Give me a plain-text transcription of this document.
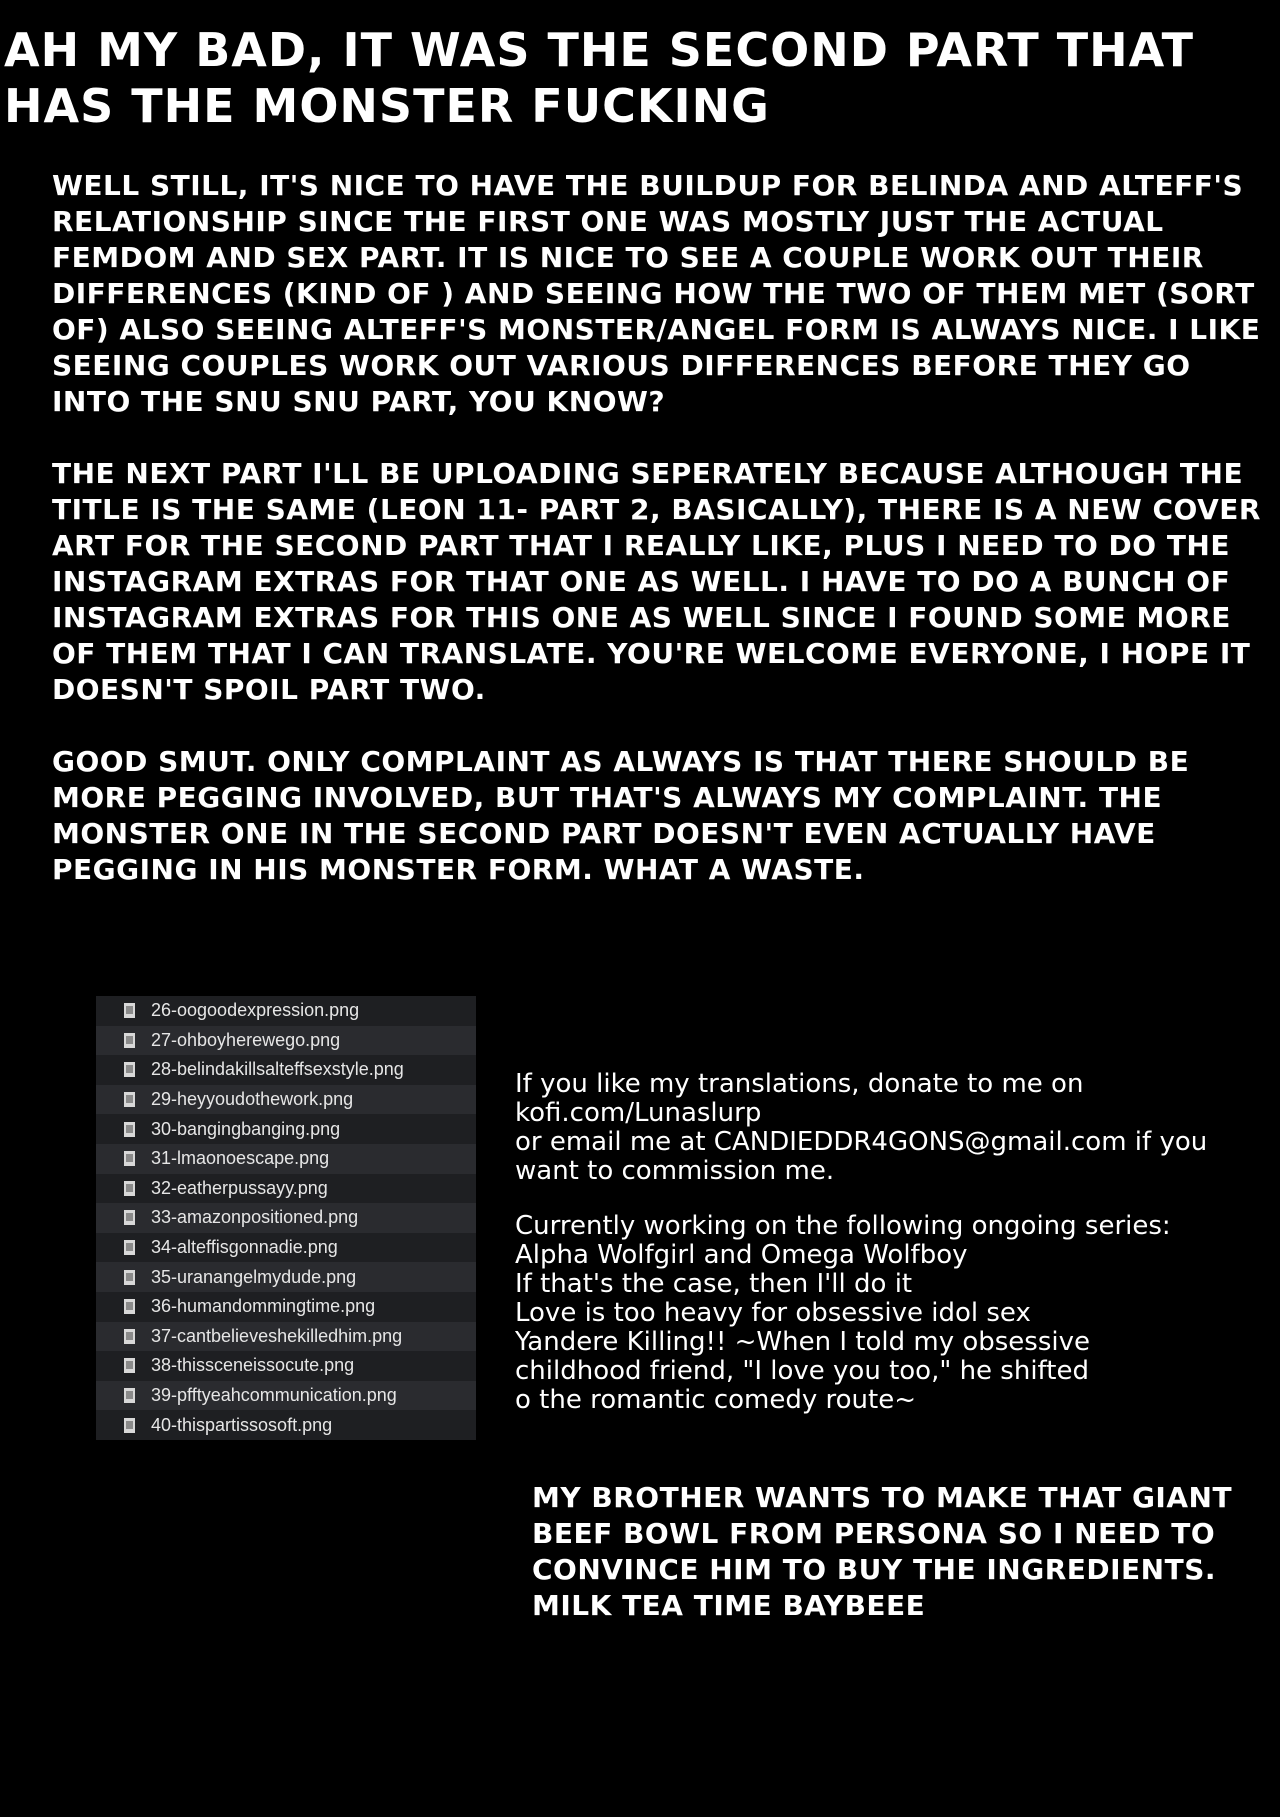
AH MY BAD, IT WAS THE SECOND PART THAT HAS THE MONSTER FUCKING

WELL STILL, IT'S NICE TO HAVE THE BUILDUP FOR BELINDA AND ALTEFF'S RELATIONSHIP SINCE THE FIRST ONE WAS MOSTLY JUST THE ACTUAL FEMDOM AND SEX PART. IT IS NICE TO SEE A COUPLE WORK OUT THEIR DIFFERENCES (KIND OF ) AND SEEING HOW THE TWO OF THEM MET (SORT OF) ALSO SEEING ALTEFF'S MONSTER/ANGEL FORM IS ALWAYS NICE. I LIKE SEEING COUPLES WORK OUT VARIOUS DIFFERENCES BEFORE THEY GO INTO THE SNU SNU PART, YOU KNOW?

THE NEXT PART I'LL BE UPLOADING SEPERATELY BECAUSE ALTHOUGH THE TITLE IS THE SAME (LEON 11- PART 2, BASICALLY), THERE IS A NEW COVER ART FOR THE SECOND PART THAT I REALLY LIKE, PLUS I NEED TO DO THE INSTAGRAM EXTRAS FOR THAT ONE AS WELL. I HAVE TO DO A BUNCH OF INSTAGRAM EXTRAS FOR THIS ONE AS WELL SINCE I FOUND SOME MORE OF THEM THAT I CAN TRANSLATE. YOU'RE WELCOME EVERYONE, I HOPE IT DOESN'T SPOIL PART TWO.

GOOD SMUT. ONLY COMPLAINT AS ALWAYS IS THAT THERE SHOULD BE MORE PEGGING INVOLVED, BUT THAT'S ALWAYS MY COMPLAINT. THE MONSTER ONE IN THE SECOND PART DOESN'T EVEN ACTUALLY HAVE PEGGING IN HIS MONSTER FORM. WHAT A WASTE.

26-oogoodexpression.png
27-ohboyherewego.png
28-belindakillsalteffsexstyle.png
29-heyyoudothework.png
30-bangingbanging.png
31-lmaonoescape.png
32-eatherpussayy.png
33-amazonpositioned.png
34-alteffisgonnadie.png
35-uranangelmydude.png
36-humandommingtime.png
37-cantbelieveshekilledhim.png
38-thissceneissocute.png
39-pfftyeahcommunication.png
40-thispartissosoft.png

If you like my translations, donate to me on
kofi.com/Lunaslurp
or email me at CANDIEDDR4GONS@gmail.com if you
want to commission me.

Currently working on the following ongoing series:
Alpha Wolfgirl and Omega Wolfboy
If that's the case, then I'll do it
Love is too heavy for obsessive idol sex
Yandere Killing!! ~When I told my obsessive
childhood friend, "I love you too," he shifted
o the romantic comedy route~

MY BROTHER WANTS TO MAKE THAT GIANT
BEEF BOWL FROM PERSONA SO I NEED TO
CONVINCE HIM TO BUY THE INGREDIENTS.
MILK TEA TIME BAYBEEE
